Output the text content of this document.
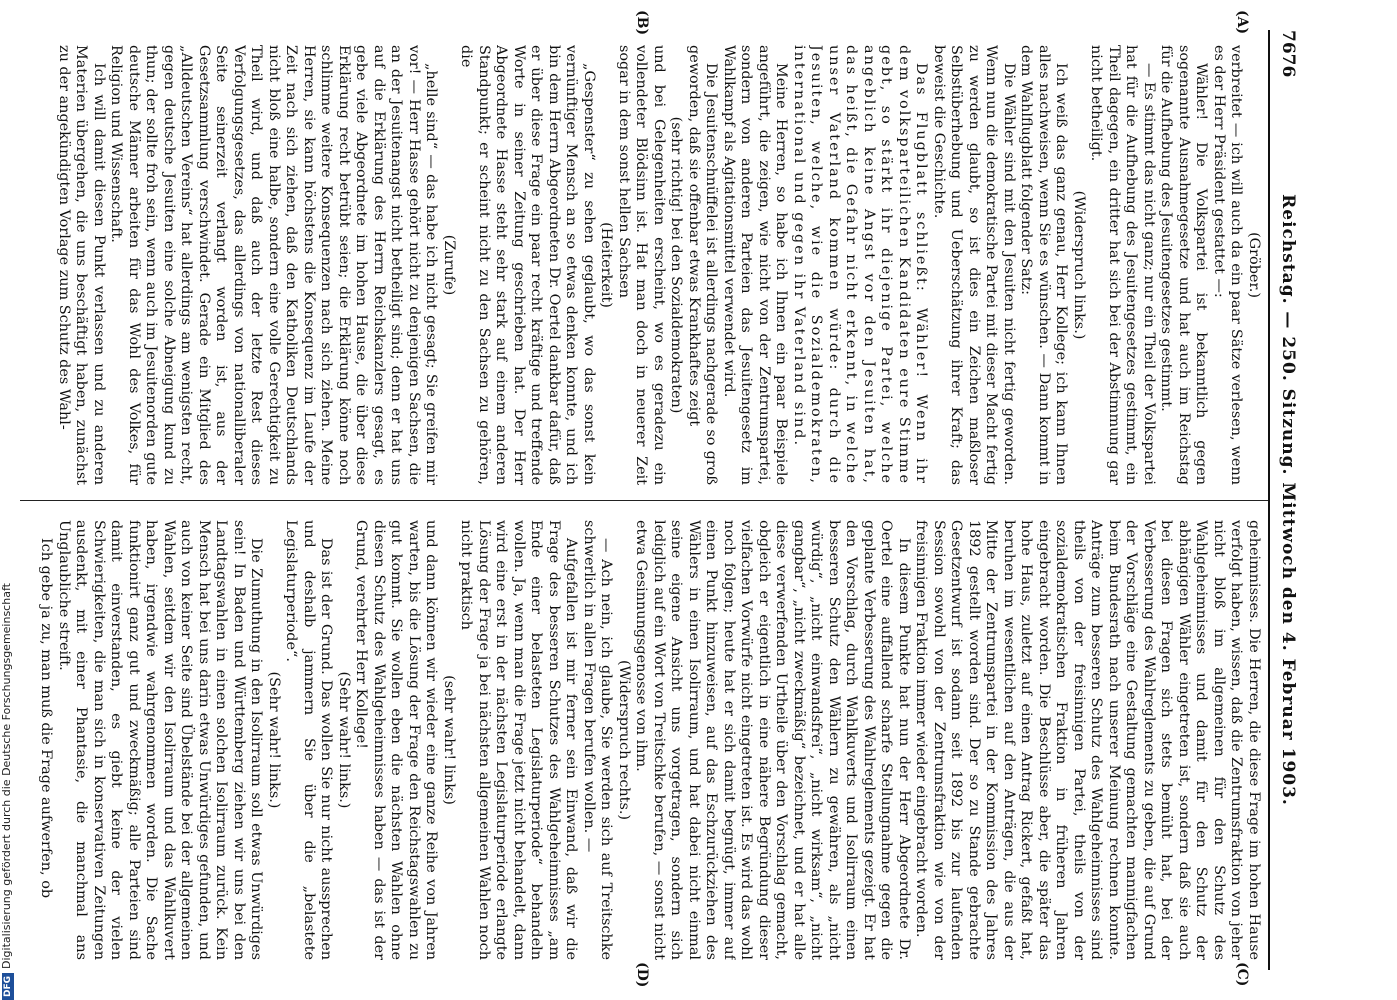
7676
Reichstag. — 250. Sitzung. Mittwoch den 4. Februar 1903.
(A)
(B)
(C)
(D)

(Gröber.)

verbreitet — ich will auch da ein paar Sätze verlesen, wenn es der Herr Präsident gestattet —:

Wähler! Die Volkspartei ist bekanntlich gegen sogenannte Ausnahmegesetze und hat auch im Reichstag für die Aufhebung des Jesuitengesetzes gestimmt.

— Es stimmt das nicht ganz; nur ein Theil der Volkspartei hat für die Aufhebung des Jesuitengesetzes gestimmt, ein Theil dagegen, ein dritter hat sich bei der Abstimmung gar nicht betheiligt.

(Widerspruch links.)

Ich weiß das ganz genau, Herr Kollege; ich kann Ihnen alles nachweisen, wenn Sie es wünschen. — Dann kommt in dem Wahlflugblatt folgender Satz:

Die Wähler sind mit den Jesuiten nicht fertig geworden. Wenn nun die demokratische Partei mit dieser Macht fertig zu werden glaubt, so ist dies ein Zeichen maßloser Selbstüberhebung und Ueberschätzung ihrer Kraft; das beweist die Geschichte.

Das Flugblatt schließt: Wähler! Wenn ihr dem volksparteilichen Kandidaten eure Stimme gebt, so stärkt ihr diejenige Partei, welche angeblich keine Angst vor den Jesuiten hat, das heißt, die Gefahr nicht erkennt, in welche unser Vaterland kommen würde: durch die Jesuiten, welche, wie die Sozialdemokraten, international und gegen ihr Vaterland sind.

Meine Herren, so habe ich Ihnen ein paar Beispiele angeführt, die zeigen, wie nicht von der Zentrumspartei, sondern von anderen Parteien das Jesuitengesetz im Wahlkampf als Agitationsmittel verwendet wird.

Die Jesuitenschnüffelei ist allerdings nachgerade so groß geworden, daß sie offenbar etwas Krankhaftes zeigt

(sehr richtig! bei den Sozialdemokraten)

und bei Gelegenheiten erscheint, wo es geradezu ein vollendeter Blödsinn ist. Hat man doch in neuerer Zeit sogar in dem sonst hellen Sachsen

(Heiterkeit)

„Gespenster“ zu sehen geglaubt, wo das sonst kein vernünftiger Mensch an so etwas denken konnte, und ich bin dem Herrn Abgeordneten Dr. Oertel dankbar dafür, daß er über diese Frage ein paar recht kräftige und treffende Worte in seiner Zeitung geschrieben hat. Der Herr Abgeordnete Hasse steht sehr stark auf einem anderen Standpunkt; er scheint nicht zu den Sachsen zu gehören, die

(Zurufe)

„helle sind“ — das habe ich nicht gesagt; Sie greifen mir vor! — Herr Hasse gehört nicht zu denjenigen Sachsen, die an der Jesuitenangst nicht betheiligt sind; denn er hat uns auf die Erklärung des Herrn Reichskanzlers gesagt, es gebe viele Abgeordnete im hohen Hause, die über diese Erklärung recht betrübt seien; die Erklärung könne noch schlimme weitere Konsequenzen nach sich ziehen. Meine Herren, sie kann höchstens die Konsequenz im Laufe der Zeit nach sich ziehen, daß den Katholiken Deutschlands nicht bloß eine halbe, sondern eine volle Gerechtigkeit zu Theil wird, und daß auch der letzte Rest dieses Verfolgungsgesetzes, das allerdings von nationalliberaler Seite seinerzeit verlangt worden ist, aus der Gesetzsammlung verschwindet. Gerade ein Mitglied des „Alldeutschen Vereins“ hat allerdings am wenigsten recht, gegen deutsche Jesuiten eine solche Abneigung kund zu thun; der sollte froh sein, wenn auch im Jesuitenorden gute deutsche Männer arbeiten für das Wohl des Volkes, für Religion und Wissenschaft.

Ich will damit diesen Punkt verlassen und zu anderen Materien übergehen, die uns beschäftigt haben, zunächst zu der angekündigten Vorlage zum Schutz des Wahl-

geheimnisses. Die Herren, die diese Frage im hohen Hause verfolgt haben, wissen, daß die Zentrumsfraktion von jeher nicht bloß im allgemeinen für den Schutz des Wahlgeheimnisses und damit für den Schutz der abhängigen Wähler eingetreten ist, sondern daß sie auch bei diesen Fragen sich stets bemüht hat, bei der Verbesserung des Wahlreglements zu geben, die auf Grund der Vorschläge eine Gestaltung gemachten mannigfachen beim Bundesrath nach unserer Meinung rechnen konnte. Anträge zum besseren Schutz des Wahlgeheimnisses sind theils von der freisinnigen Partei, theils von der sozialdemokratischen Fraktion in früheren Jahren eingebracht worden. Die Beschlüsse aber, die später das hohe Haus, zuletzt auf einen Antrag Rickert, gefaßt hat, beruhen im wesentlichen auf den Anträgen, die aus der Mitte der Zentrumspartei in der Kommission des Jahres 1892 gestellt worden sind. Der so zu Stande gebrachte Gesetzentwurf ist sodann seit 1892 bis zur laufenden Session sowohl von der Zentrumsfraktion wie von der freisinnigen Fraktion immer wieder eingebracht worden.

In diesem Punkte hat nun der Herr Abgeordnete Dr. Oertel eine auffallend scharfe Stellungnahme gegen die geplante Verbesserung des Wahlreglements gezeigt. Er hat den Vorschlag, durch Wahlkuverts und Isolirraum einen besseren Schutz den Wählern zu gewähren, als „nicht würdig“, „nicht einwandsfrei“, „nicht wirksam“, „nicht gangbar“, „nicht zweckmäßig“ bezeichnet, und er hat alle diese verwerfenden Urtheile über den Vorschlag gemacht, obgleich er eigentlich in eine nähere Begründung dieser vielfachen Vorwürfe nicht eingetreten ist. Es wird das wohl noch folgen; heute hat er sich damit begnügt, immer auf einen Punkt hinzuweisen, auf das Eschzurückziehen des Wählers in einen Isolirraum, und hat dabei nicht einmal seine eigene Ansicht uns vorgetragen, sondern sich lediglich auf ein Wort von Treitschke berufen, — sonst nicht etwa Gesinnungsgenosse von ihm.

(Widerspruch rechts.)

— Ach nein, ich glaube, Sie werden sich auf Treitschke schwerlich in allen Fragen berufen wollen. —

Aufgefallen ist mir ferner sein Einwand, daß wir die Frage des besseren Schutzes des Wahlgeheimnisses „am Ende einer belasteten Legislaturperiode“ behandeln wollen. Ja, wenn man die Frage jetzt nicht behandelt, dann wird eine erst in der nächsten Legislaturperiode erlangte Lösung der Frage ja bei nächsten allgemeinen Wahlen noch nicht praktisch

(sehr wahr! links)

und dann können wir wieder eine ganze Reihe von Jahren warten, bis die Lösung der Frage den Reichstagswahlen zu gut kommt. Sie wollen eben die nächsten Wahlen ohne diesen Schutz des Wahlgeheimnisses haben — das ist der Grund, verehrter Herr Kollege!

(Sehr wahr! links.)

Das ist der Grund. Das wollen Sie nur nicht aussprechen und deshalb jammern Sie über die „belastete Legislaturperiode“.

(Sehr wahr! links.)

Die Zumuthung in den Isolirraum soll etwas Unwürdiges sein! In Baden und Württemberg ziehen wir uns bei den Landtagswahlen in einen solchen Isolirraum zurück. Kein Mensch hat bei uns darin etwas Unwürdiges gefunden, und auch von keiner Seite sind Übelstände bei der allgemeinen Wahlen, seitdem wir den Isolirraum und das Wahlkuvert haben, irgendwie wahrgenommen worden. Die Sache funktionirt ganz gut und zweckmäßig; alle Parteien sind damit einverstanden, es giebt keine der vielen Schwierigkeiten, die man sich in konservativen Zeitungen ausdenkt, mit einer Phantasie, die manchmal ans Unglaubliche streift.

Ich gebe ja zu, man muß die Frage aufwerfen, ob

DFGDigitalisierung gefördert durch die Deutsche Forschungsgemeinschaft
